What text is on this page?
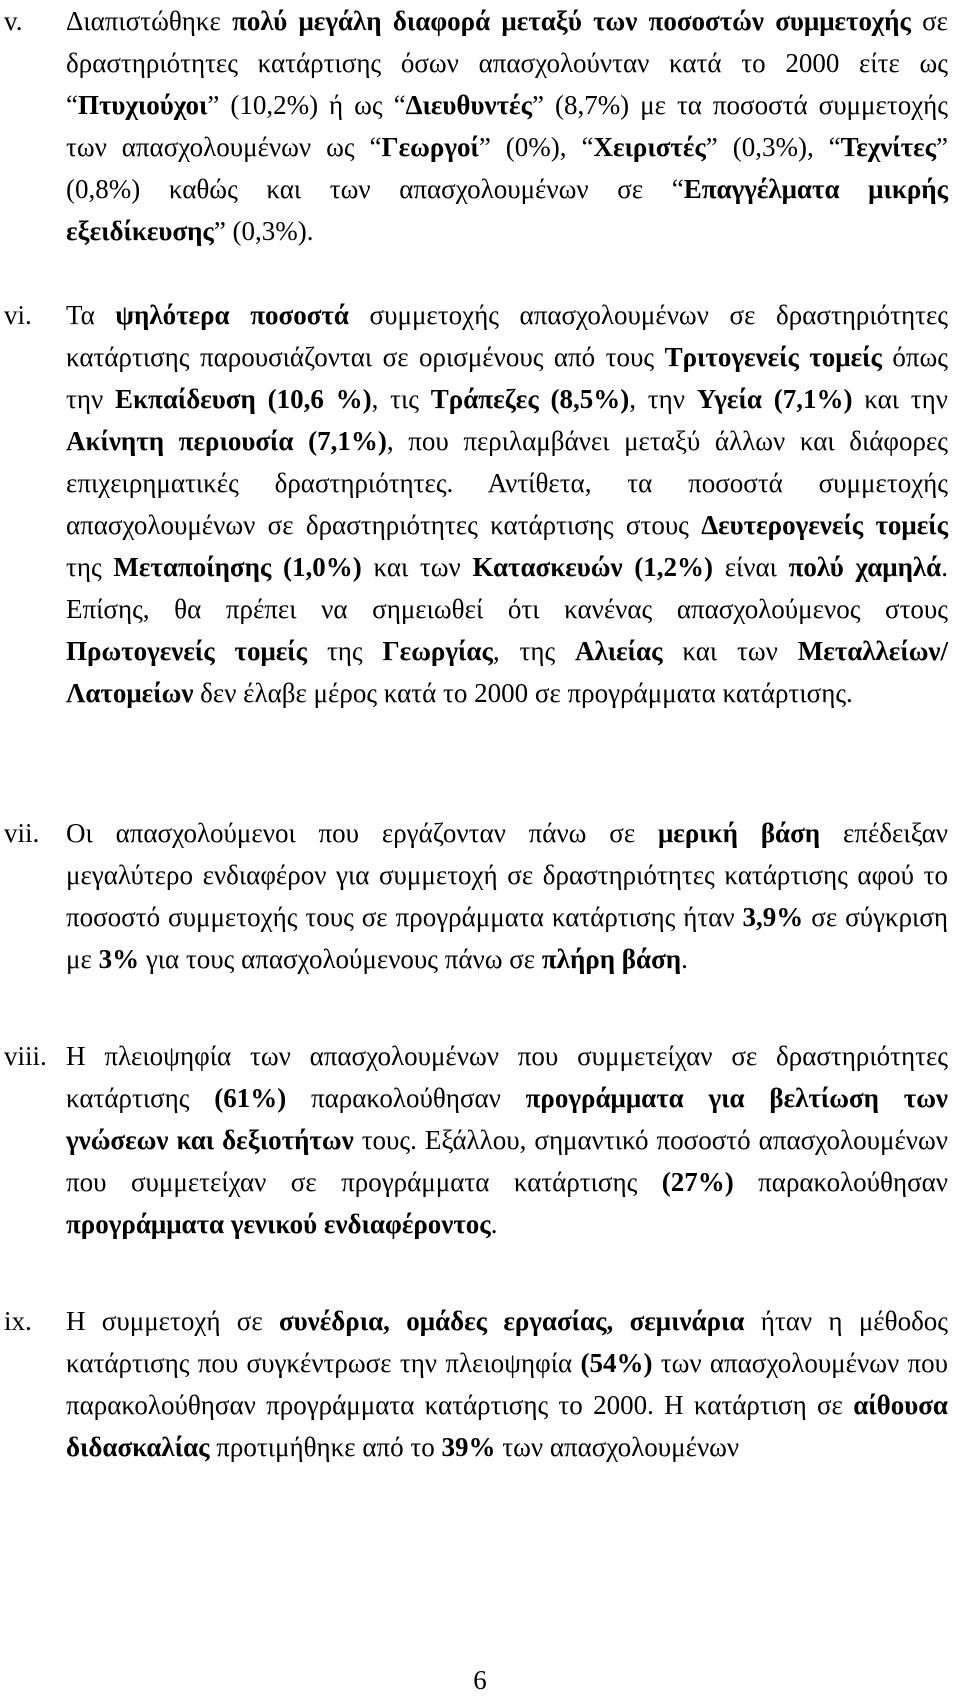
v. Διαπιστώθηκε πολύ μεγάλη διαφορά μεταξύ των ποσοστών συμμετοχής σε δραστηριότητες κατάρτισης όσων απασχολούνταν κατά το 2000 είτε ως “Πτυχιούχοι” (10,2%) ή ως “Διευθυντές” (8,7%) με τα ποσοστά συμμετοχής των απασχολουμένων ως “Γεωργοί” (0%), “Χειριστές” (0,3%), “Τεχνίτες” (0,8%) καθώς και των απασχολουμένων σε “Επαγγέλματα μικρής εξειδίκευσης” (0,3%).
vi. Τα ψηλότερα ποσοστά συμμετοχής απασχολουμένων σε δραστηριότητες κατάρτισης παρουσιάζονται σε ορισμένους από τους Τριτογενείς τομείς όπως την Εκπαίδευση (10,6 %), τις Τράπεζες (8,5%), την Υγεία (7,1%) και την Ακίνητη περιουσία (7,1%), που περιλαμβάνει μεταξύ άλλων και διάφορες επιχειρηματικές δραστηριότητες. Αντίθετα, τα ποσοστά συμμετοχής απασχολουμένων σε δραστηριότητες κατάρτισης στους Δευτερογενείς τομείς της Μεταποίησης (1,0%) και των Κατασκευών (1,2%) είναι πολύ χαμηλά. Επίσης, θα πρέπει να σημειωθεί ότι κανένας απασχολούμενος στους Πρωτογενείς τομείς της Γεωργίας, της Αλιείας και των Μεταλλείων/Λατομείων δεν έλαβε μέρος κατά το 2000 σε προγράμματα κατάρτισης.
vii. Οι απασχολούμενοι που εργάζονταν πάνω σε μερική βάση επέδειξαν μεγαλύτερο ενδιαφέρον για συμμετοχή σε δραστηριότητες κατάρτισης αφού το ποσοστό συμμετοχής τους σε προγράμματα κατάρτισης ήταν 3,9% σε σύγκριση με 3% για τους απασχολούμενους πάνω σε πλήρη βάση.
viii. Η πλειοψηφία των απασχολουμένων που συμμετείχαν σε δραστηριότητες κατάρτισης (61%) παρακολούθησαν προγράμματα για βελτίωση των γνώσεων και δεξιοτήτων τους. Εξάλλου, σημαντικό ποσοστό απασχολουμένων που συμμετείχαν σε προγράμματα κατάρτισης (27%) παρακολούθησαν προγράμματα γενικού ενδιαφέροντος.
ix. Η συμμετοχή σε συνέδρια, ομάδες εργασίας, σεμινάρια ήταν η μέθοδος κατάρτισης που συγκέντρωσε την πλειοψηφία (54%) των απασχολουμένων που παρακολούθησαν προγράμματα κατάρτισης το 2000. Η κατάρτιση σε αίθουσα διδασκαλίας προτιμήθηκε από το 39% των απασχολουμένων
6
